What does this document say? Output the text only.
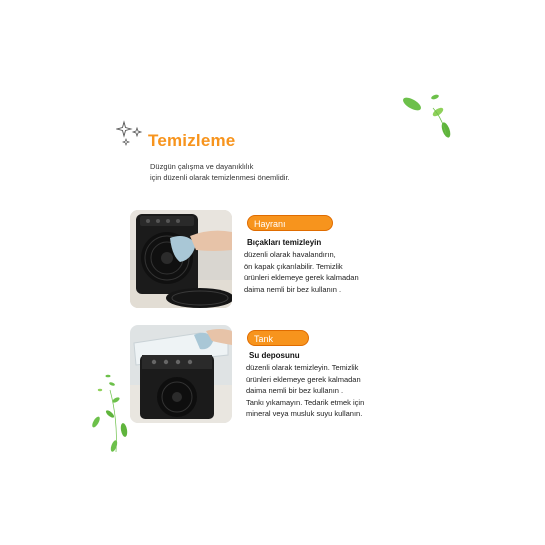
Temizleme
Düzgün çalışma ve dayanıklılık
için düzenli olarak temizlenmesi önemlidir.
Hayranı
Bıçakları temizleyin
düzenli olarak havalandırın,
ön kapak çıkarılabilir. Temizlik
ürünleri eklemeye gerek kalmadan
daima nemli bir bez kullanın .
Tank
Su deposunu
düzenli olarak temizleyin. Temizlik
ürünleri eklemeye gerek kalmadan
daima nemli bir bez kullanın .
Tankı yıkamayın. Tedarik etmek için
mineral veya musluk suyu kullanın.
